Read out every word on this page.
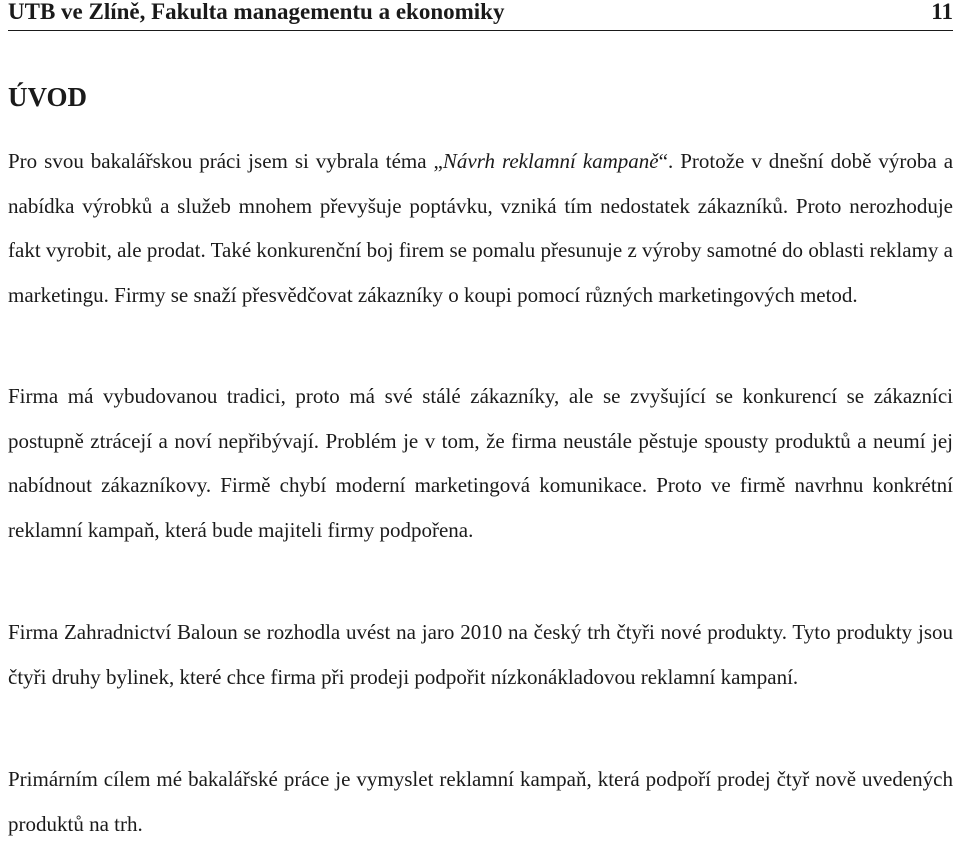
UTB ve Zlíně, Fakulta managementu a ekonomiky	11
ÚVOD

Pro svou bakalářskou práci jsem si vybrala téma „Návrh reklamní kampaně“. Protože v dnešní době výroba a nabídka výrobků a služeb mnohem převyšuje poptávku, vzniká tím nedostatek zákazníků. Proto nerozhoduje fakt vyrobit, ale prodat. Také konkurenční boj firem se pomalu přesunuje z výroby samotné do oblasti reklamy a marketingu. Firmy se snaží přesvědčovat zákazníky o koupi pomocí různých marketingových metod.

Firma má vybudovanou tradici, proto má své stálé zákazníky, ale se zvyšující se konkurencí se zákazníci postupně ztrácejí a noví nepřibývají. Problém je v tom, že firma neustále pěstuje spousty produktů a neumí jej nabídnout zákazníkovy. Firmě chybí moderní marketingová komunikace. Proto ve firmě navrhnu konkrétní reklamní kampaň, která bude majiteli firmy podpořena.

Firma Zahradnictví Baloun se rozhodla uvést na jaro 2010 na český trh čtyři nové produkty. Tyto produkty jsou čtyři druhy bylinek, které chce firma při prodeji podpořit nízkonákladovou reklamní kampaní.

Primárním cílem mé bakalářské práce je vymyslet reklamní kampaň, která podpoří prodej čtyř nově uvedených produktů na trh.
